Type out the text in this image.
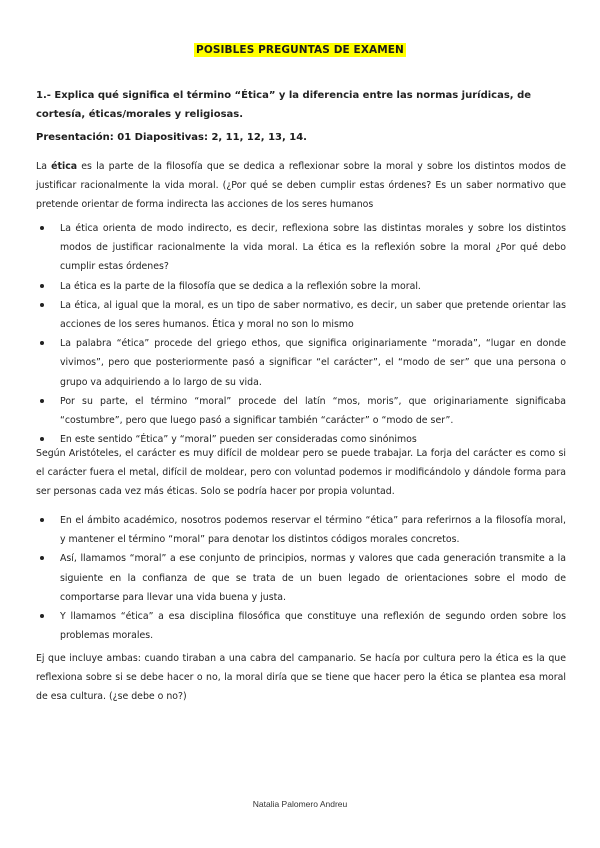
POSIBLES PREGUNTAS DE EXAMEN
1.- Explica qué significa el término “Ética” y la diferencia entre las normas jurídicas, de cortesía, éticas/morales y religiosas.
Presentación: 01 Diapositivas: 2, 11, 12, 13, 14.

La ética es la parte de la filosofía que se dedica a reflexionar sobre la moral y sobre los distintos modos de justificar racionalmente la vida moral. (¿Por qué se deben cumplir estas órdenes? Es un saber normativo que pretende orientar de forma indirecta las acciones de los seres humanos

La ética orienta de modo indirecto, es decir, reflexiona sobre las distintas morales y sobre los distintos modos de justificar racionalmente la vida moral. La ética es la reflexión sobre la moral ¿Por qué debo cumplir estas órdenes?
La ética es la parte de la filosofía que se dedica a la reflexión sobre la moral.
La ética, al igual que la moral, es un tipo de saber normativo, es decir, un saber que pretende orientar las acciones de los seres humanos. Ética y moral no son lo mismo
La palabra “ética” procede del griego ethos, que significa originariamente “morada”, “lugar en donde vivimos”, pero que posteriormente pasó a significar “el carácter”, el “modo de ser” que una persona o grupo va adquiriendo a lo largo de su vida.
Por su parte, el término “moral” procede del latín “mos, moris”, que originariamente significaba “costumbre”, pero que luego pasó a significar también “carácter” o “modo de ser”.
En este sentido “Ética” y “moral” pueden ser consideradas como sinónimos

Según Aristóteles, el carácter es muy difícil de moldear pero se puede trabajar. La forja del carácter es como si el carácter fuera el metal, difícil de moldear, pero con voluntad podemos ir modificándolo y dándole forma para ser personas cada vez más éticas. Solo se podría hacer por propia voluntad.

En el ámbito académico, nosotros podemos reservar el término “ética” para referirnos a la filosofía moral, y mantener el término “moral” para denotar los distintos códigos morales concretos.
Así, llamamos “moral” a ese conjunto de principios, normas y valores que cada generación transmite a la siguiente en la confianza de que se trata de un buen legado de orientaciones sobre el modo de comportarse para llevar una vida buena y justa.
Y llamamos “ética” a esa disciplina filosófica que constituye una reflexión de segundo orden sobre los problemas morales.

Ej que incluye ambas: cuando tiraban a una cabra del campanario. Se hacía por cultura pero la ética es la que reflexiona sobre si se debe hacer o no, la moral diría que se tiene que hacer pero la ética se plantea esa moral de esa cultura. (¿se debe o no?)

Natalia Palomero Andreu
